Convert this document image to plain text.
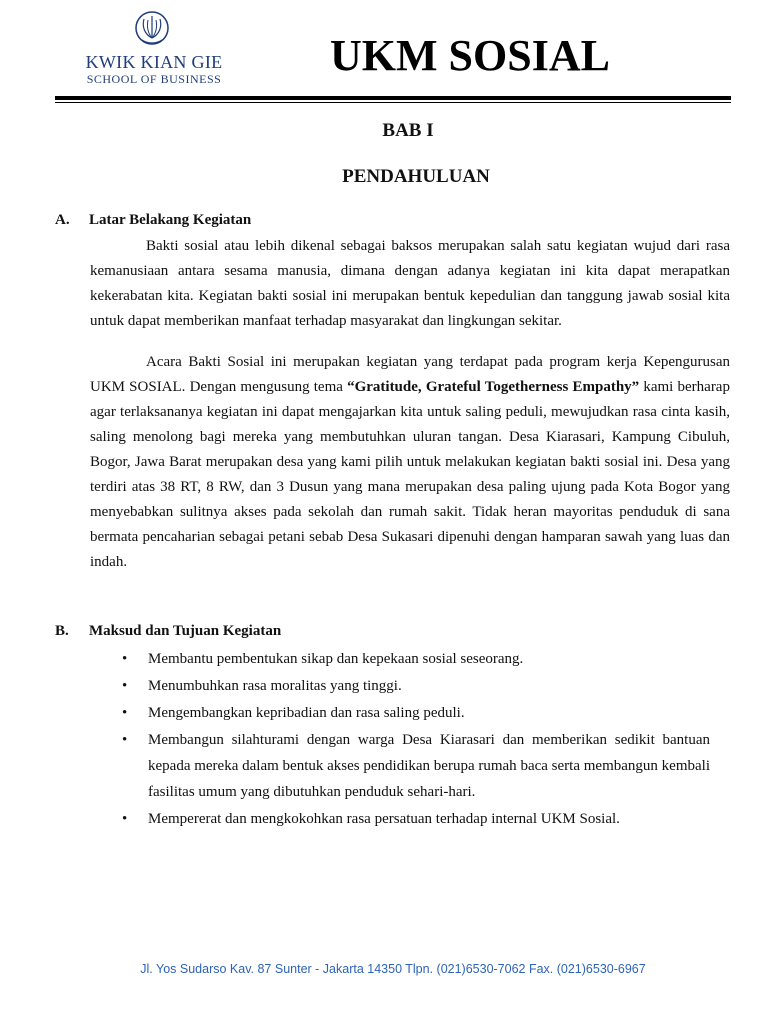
KWIK KIAN GIE
SCHOOL OF BUSINESS	UKM SOSIAL
BAB I
PENDAHULUAN
A. Latar Belakang Kegiatan

Bakti sosial atau lebih dikenal sebagai baksos merupakan salah satu kegiatan wujud dari rasa kemanusiaan antara sesama manusia, dimana dengan adanya kegiatan ini kita dapat merapatkan kekerabatan kita. Kegiatan bakti sosial ini merupakan bentuk kepedulian dan tanggung jawab sosial kita untuk dapat memberikan manfaat terhadap masyarakat dan lingkungan sekitar.

Acara Bakti Sosial ini merupakan kegiatan yang terdapat pada program kerja Kepengurusan UKM SOSIAL. Dengan mengusung tema “Gratitude, Grateful Togetherness Empathy” kami berharap agar terlaksananya kegiatan ini dapat mengajarkan kita untuk saling peduli, mewujudkan rasa cinta kasih, saling menolong bagi mereka yang membutuhkan uluran tangan. Desa Kiarasari, Kampung Cibuluh, Bogor, Jawa Barat merupakan desa yang kami pilih untuk melakukan kegiatan bakti sosial ini. Desa yang terdiri atas 38 RT, 8 RW, dan 3 Dusun yang mana merupakan desa paling ujung pada Kota Bogor yang menyebabkan sulitnya akses pada sekolah dan rumah sakit. Tidak heran mayoritas penduduk di sana bermata pencaharian sebagai petani sebab Desa Sukasari dipenuhi dengan hamparan sawah yang luas dan indah.

B. Maksud dan Tujuan Kegiatan
• Membantu pembentukan sikap dan kepekaan sosial seseorang.
• Menumbuhkan rasa moralitas yang tinggi.
• Mengembangkan kepribadian dan rasa saling peduli.
• Membangun silahturami dengan warga Desa Kiarasari dan memberikan sedikit bantuan kepada mereka dalam bentuk akses pendidikan berupa rumah baca serta membangun kembali fasilitas umum yang dibutuhkan penduduk sehari-hari.
• Mempererat dan mengkokohkan rasa persatuan terhadap internal UKM Sosial.
Jl. Yos Sudarso Kav. 87 Sunter - Jakarta 14350 Tlpn. (021)6530-7062 Fax. (021)6530-6967
